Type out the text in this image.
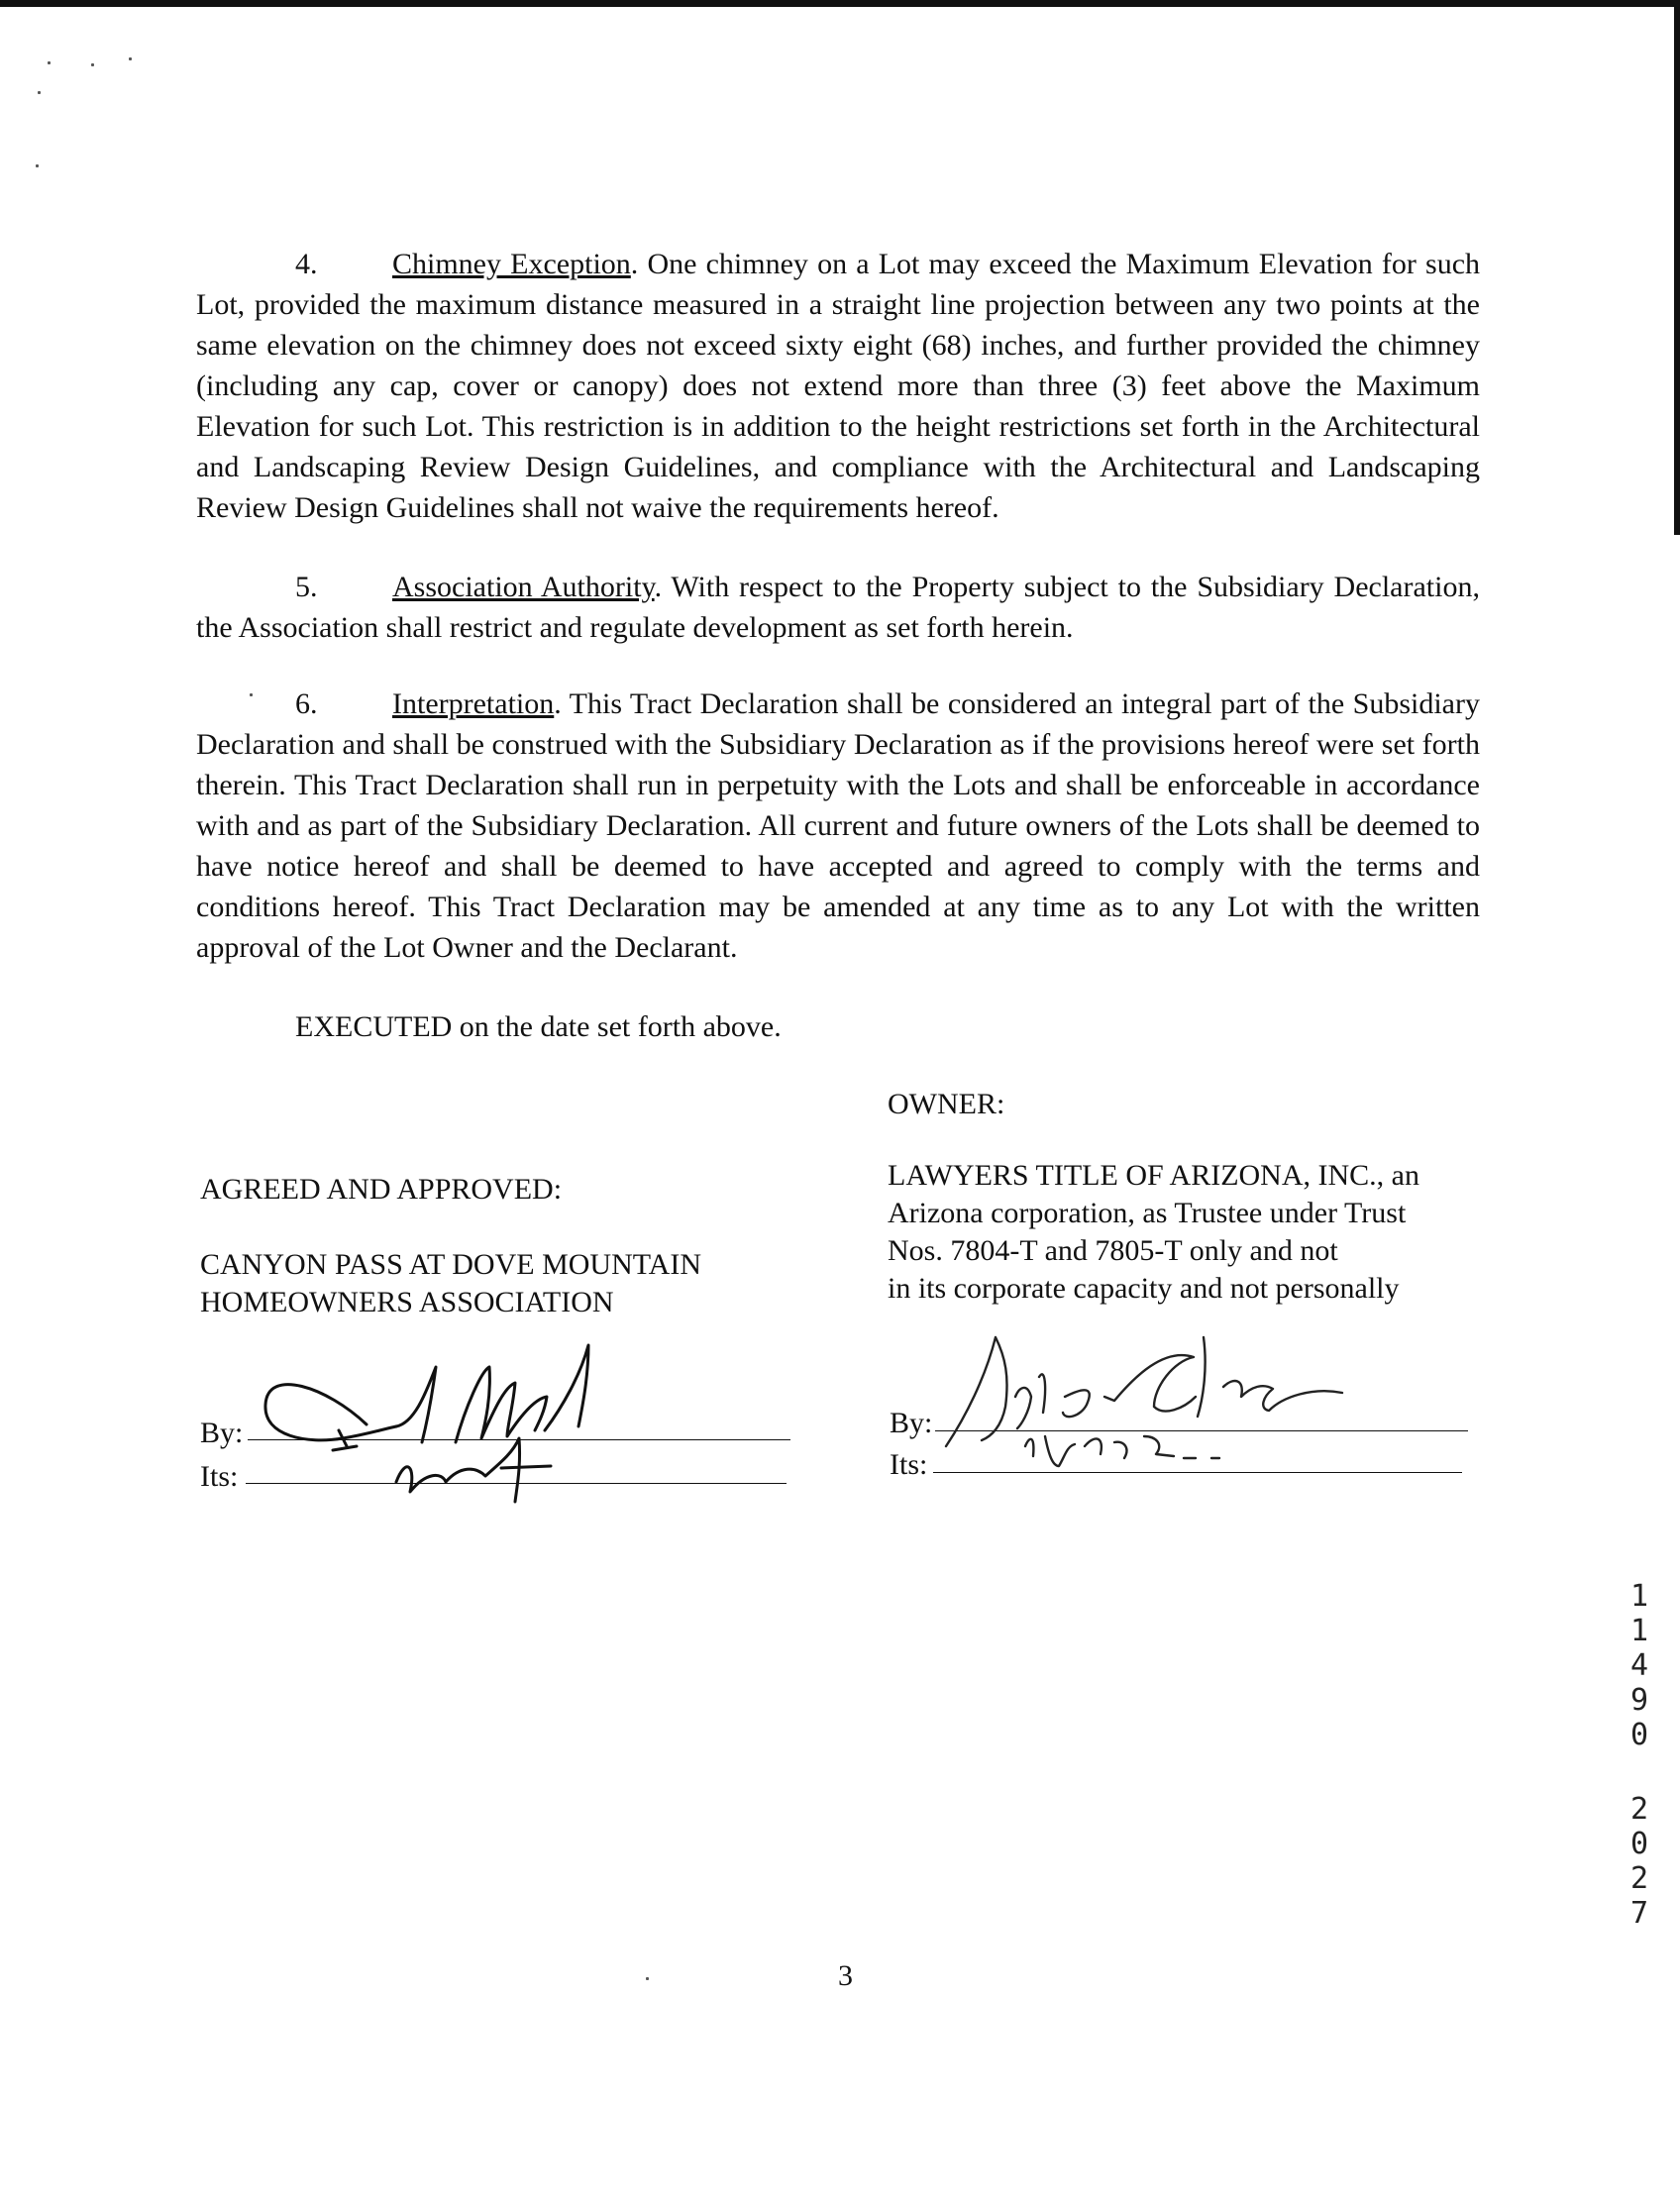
4.	Chimney Exception. One chimney on a Lot may exceed the Maximum Elevation for such Lot, provided the maximum distance measured in a straight line projection between any two points at the same elevation on the chimney does not exceed sixty eight (68) inches, and further provided the chimney (including any cap, cover or canopy) does not extend more than three (3) feet above the Maximum Elevation for such Lot. This restriction is in addition to the height restrictions set forth in the Architectural and Landscaping Review Design Guidelines, and compliance with the Architectural and Landscaping Review Design Guidelines shall not waive the requirements hereof.
5.	Association Authority. With respect to the Property subject to the Subsidiary Declaration, the Association shall restrict and regulate development as set forth herein.
6.	Interpretation. This Tract Declaration shall be considered an integral part of the Subsidiary Declaration and shall be construed with the Subsidiary Declaration as if the provisions hereof were set forth therein. This Tract Declaration shall run in perpetuity with the Lots and shall be enforceable in accordance with and as part of the Subsidiary Declaration. All current and future owners of the Lots shall be deemed to have notice hereof and shall be deemed to have accepted and agreed to comply with the terms and conditions hereof. This Tract Declaration may be amended at any time as to any Lot with the written approval of the Lot Owner and the Declarant.
EXECUTED on the date set forth above.
OWNER:
LAWYERS TITLE OF ARIZONA, INC., an
Arizona corporation, as Trustee under Trust
Nos. 7804-T and 7805-T only and not
in its corporate capacity and not personally
AGREED AND APPROVED:
CANYON PASS AT DOVE MOUNTAIN
HOMEOWNERS ASSOCIATION
By:
Its:
By:
Its:
3
1
1
4
9
0
2
0
2
7
